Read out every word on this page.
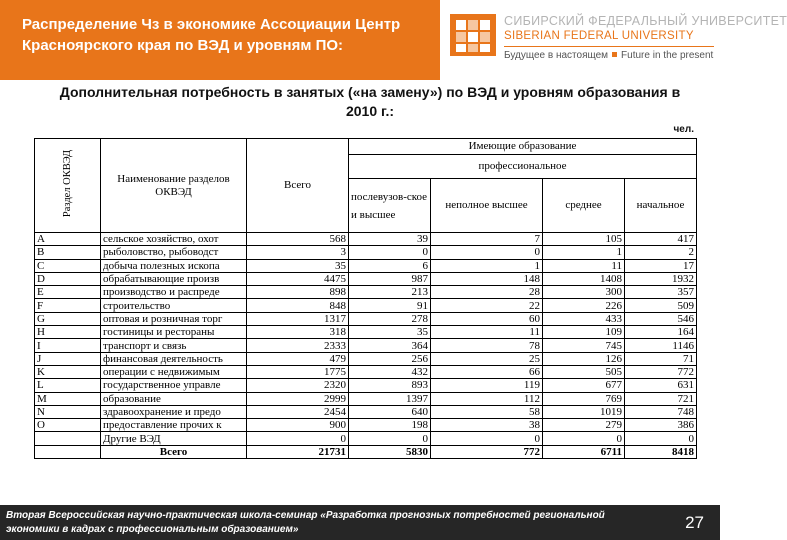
Распределение Чз в экономике Ассоциации Центр
Красноярского края по ВЭД и уровням ПО:
СИБИРСКИЙ ФЕДЕРАЛЬНЫЙ УНИВЕРСИТЕТ
SIBERIAN FEDERAL UNIVERSITY
Будущее в настоящем Future in the present
Дополнительная потребность в занятых («на замену») по ВЭД и уровням образования в 2010 г.:
чел.
Раздел ОКВЭД	Наименование разделов ОКВЭД	Всего	Имеющие образование			
			профессиональное			

			послевузов-ское и высшее	неполное высшее	среднее	начальное
A	сельское хозяйство, охот	568	39	7	105	417
B	рыболовство, рыбоводст	3	0	0	1	2
C	добыча полезных ископа	35	6	1	11	17
D	обрабатывающие произв	4475	987	148	1408	1932
E	производство и распреде	898	213	28	300	357
F	строительство	848	91	22	226	509
G	оптовая и розничная торг	1317	278	60	433	546
H	гостиницы и рестораны	318	35	11	109	164
I	транспорт и связь	2333	364	78	745	1146
J	финансовая деятельность	479	256	25	126	71
K	операции с недвижимым	1775	432	66	505	772
L	государственное управле	2320	893	119	677	631
M	образование	2999	1397	112	769	721
N	здравоохранение и предо	2454	640	58	1019	748
O	предоставление прочих к	900	198	38	279	386
	Другие ВЭД	0	0	0	0	0
	Всего	21731	5830	772	6711	8418
Вторая Всероссийская научно-практическая школа-семинар «Разработка прогнозных потребностей региональной экономики в кадрах с профессиональным образованием»	27
